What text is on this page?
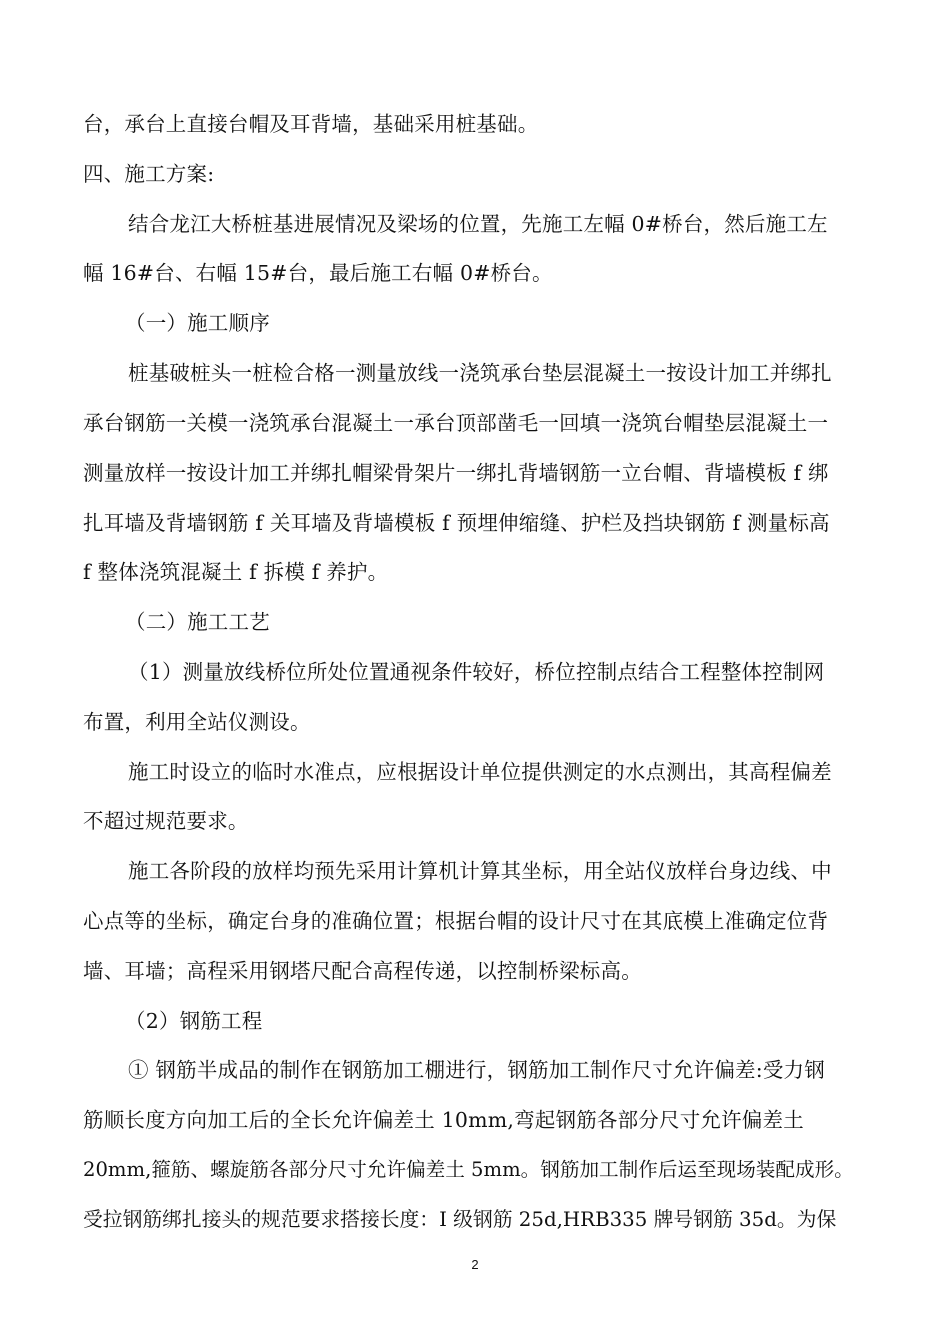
台，承台上直接台帽及耳背墙，基础采用桩基础。
四、施工方案:
结合龙江大桥桩基进展情况及梁场的位置，先施工左幅 0#桥台，然后施工左
幅 16#台、右幅 15#台，最后施工右幅 0#桥台。
（一）施工顺序
桩基破桩头一桩检合格一测量放线一浇筑承台垫层混凝土一按设计加工并绑扎
承台钢筋一关模一浇筑承台混凝土一承台顶部凿毛一回填一浇筑台帽垫层混凝土一
测量放样一按设计加工并绑扎帽梁骨架片一绑扎背墙钢筋一立台帽、背墙模板 f 绑
扎耳墙及背墙钢筋 f 关耳墙及背墙模板 f 预埋伸缩缝、护栏及挡块钢筋 f 测量标高
f 整体浇筑混凝土 f 拆模 f 养护。
（二）施工工艺
（1）测量放线桥位所处位置通视条件较好，桥位控制点结合工程整体控制网
布置，利用全站仪测设。
施工时设立的临时水准点，应根据设计单位提供测定的水点测出，其高程偏差
不超过规范要求。
施工各阶段的放样均预先采用计算机计算其坐标，用全站仪放样台身边线、中
心点等的坐标，确定台身的准确位置；根据台帽的设计尺寸在其底模上准确定位背
墙、耳墙；高程采用钢塔尺配合高程传递，以控制桥梁标高。
（2）钢筋工程
① 钢筋半成品的制作在钢筋加工棚进行，钢筋加工制作尺寸允许偏差:受力钢
筋顺长度方向加工后的全长允许偏差土 10mm,弯起钢筋各部分尺寸允许偏差土
20mm,箍筋、螺旋筋各部分尺寸允许偏差土 5mm。钢筋加工制作后运至现场装配成形。
受拉钢筋绑扎接头的规范要求搭接长度：I 级钢筋 25d,HRB335 牌号钢筋 35d。为保
2
